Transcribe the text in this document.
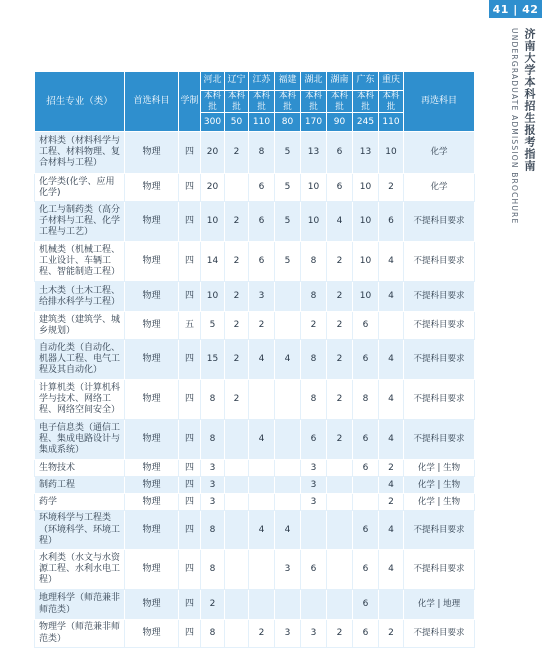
41 | 42
济南大学本科招生报考指南
UNDERGRADUATE ADMISSION BROCHURE
招生专业（类）	首选科目	学制	河北	辽宁	江苏	福建	湖北	湖南	广东	重庆	再选科目
			本科批	本科批	本科批	本科批	本科批	本科批	本科批	本科批	
			300	50	110	80	170	90	245	110	
材料类（材料科学与工程、材料物理、复合材料与工程）	物理	四	20	2	8	5	13	6	13	10	化学
化学类(化学、应用化学)	物理	四	20		6	5	10	6	10	2	化学
化工与制药类（高分子材料与工程、化学工程与工艺）	物理	四	10	2	6	5	10	4	10	6	不提科目要求
机械类（机械工程、工业设计、车辆工程、智能制造工程）	物理	四	14	2	6	5	8	2	10	4	不提科目要求
土木类（土木工程、给排水科学与工程）	物理	四	10	2	3		8	2	10	4	不提科目要求
建筑类（建筑学、城乡规划）	物理	五	5	2	2		2	2	6		不提科目要求
自动化类（自动化、机器人工程、电气工程及其自动化）	物理	四	15	2	4	4	8	2	6	4	不提科目要求
计算机类（计算机科学与技术、网络工程、网络空间安全）	物理	四	8	2			8	2	8	4	不提科目要求
电子信息类（通信工程、集成电路设计与集成系统）	物理	四	8		4		6	2	6	4	不提科目要求
生物技术	物理	四	3				3		6	2	化学 | 生物
制药工程	物理	四	3				3			4	化学 | 生物
药学	物理	四	3				3			2	化学 | 生物
环境科学与工程类（环境科学、环境工程）	物理	四	8		4	4			6	4	不提科目要求
水利类（水文与水资源工程、水利水电工程）	物理	四	8			3	6		6	4	不提科目要求
地理科学（师范兼非师范类）	物理	四	2						6		化学 | 地理
物理学（师范兼非师范类）	物理	四	8		2	3	3	2	6	2	不提科目要求
